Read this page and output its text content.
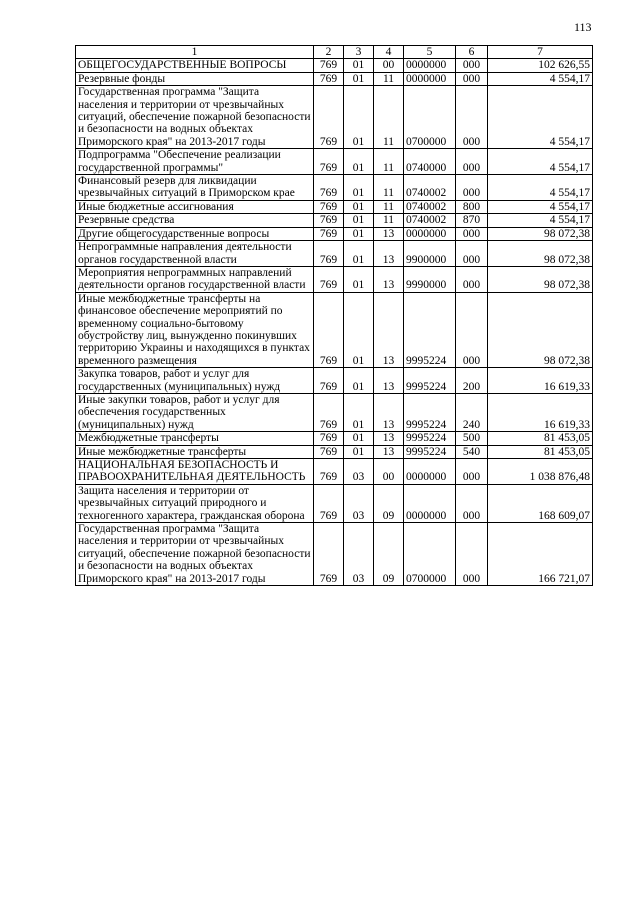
113
1	2	3	4	5	6	7
ОБЩЕГОСУДАРСТВЕННЫЕ ВОПРОСЫ	769	01	00	0000000	000	102 626,55
Резервные фонды	769	01	11	0000000	000	4 554,17
Государственная программа "Защита населения и территории от чрезвычайных ситуаций, обеспечение пожарной безопасности и безопасности на водных объектах Приморского края" на 2013-2017 годы	769	01	11	0700000	000	4 554,17
Подпрограмма "Обеспечение реализации государственной программы"	769	01	11	0740000	000	4 554,17
Финансовый резерв для ликвидации чрезвычайных ситуаций в Приморском крае	769	01	11	0740002	000	4 554,17
Иные бюджетные ассигнования	769	01	11	0740002	800	4 554,17
Резервные средства	769	01	11	0740002	870	4 554,17
Другие общегосударственные вопросы	769	01	13	0000000	000	98 072,38
Непрограммные направления деятельности органов государственной власти	769	01	13	9900000	000	98 072,38
Мероприятия непрограммных направлений деятельности органов государственной власти	769	01	13	9990000	000	98 072,38
Иные межбюджетные трансферты на финансовое обеспечение мероприятий по временному социально-бытовому обустройству лиц, вынужденно покинувших территорию Украины и находящихся в пунктах временного размещения	769	01	13	9995224	000	98 072,38
Закупка товаров, работ и услуг для государственных (муниципальных) нужд	769	01	13	9995224	200	16 619,33
Иные закупки товаров, работ и услуг для обеспечения государственных (муниципальных) нужд	769	01	13	9995224	240	16 619,33
Межбюджетные трансферты	769	01	13	9995224	500	81 453,05
Иные межбюджетные трансферты	769	01	13	9995224	540	81 453,05
НАЦИОНАЛЬНАЯ БЕЗОПАСНОСТЬ И ПРАВООХРАНИТЕЛЬНАЯ ДЕЯТЕЛЬНОСТЬ	769	03	00	0000000	000	1 038 876,48
Защита населения и территории от чрезвычайных ситуаций природного и техногенного характера, гражданская оборона	769	03	09	0000000	000	168 609,07
Государственная программа "Защита населения и территории от чрезвычайных ситуаций, обеспечение пожарной безопасности и безопасности на водных объектах Приморского края" на 2013-2017 годы	769	03	09	0700000	000	166 721,07
